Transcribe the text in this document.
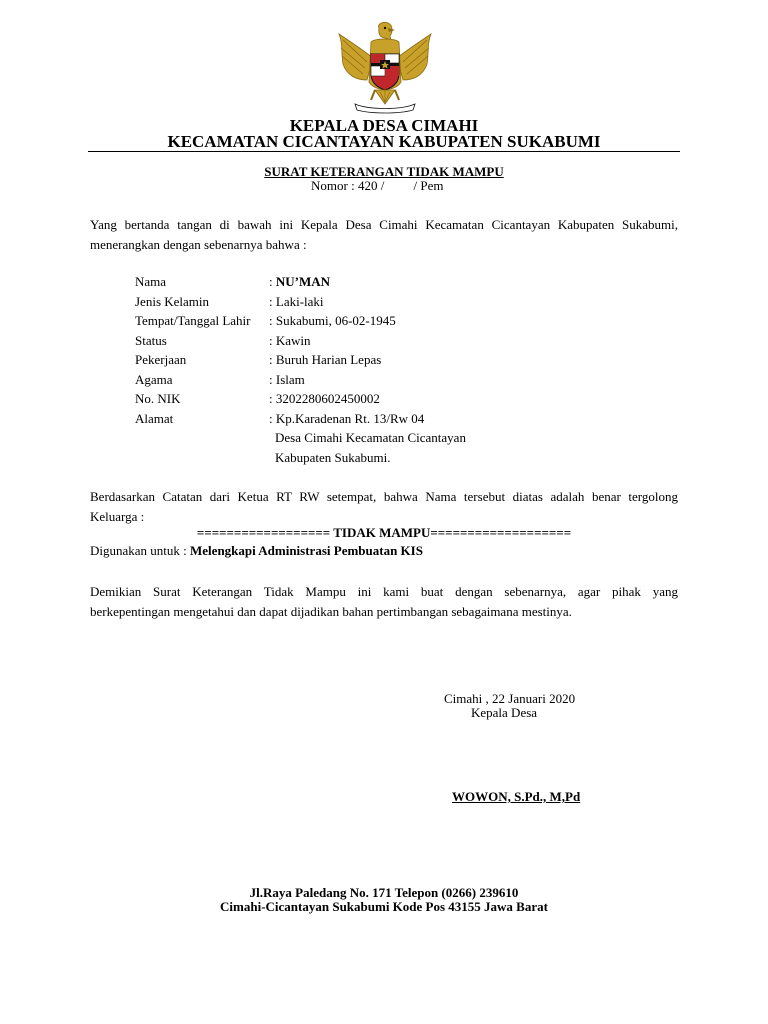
KEPALA DESA CIMAHI
KECAMATAN CICANTAYAN KABUPATEN SUKABUMI
SURAT KETERANGAN TIDAK MAMPU
Nomor : 420 /         / Pem
Yang bertanda tangan di bawah ini Kepala Desa Cimahi Kecamatan Cicantayan Kabupaten Sukabumi,
menerangkan dengan sebenarnya bahwa :
Nama	: NU’MAN
Jenis Kelamin	: Laki-laki
Tempat/Tanggal Lahir	: Sukabumi, 06-02-1945
Status	: Kawin
Pekerjaan	: Buruh Harian Lepas
Agama	: Islam
No. NIK	: 3202280602450002
Alamat	: Kp.Karadenan Rt. 13/Rw 04
Desa Cimahi Kecamatan Cicantayan
Kabupaten Sukabumi.
Berdasarkan Catatan dari Ketua RT RW setempat, bahwa Nama tersebut diatas adalah benar tergolong
Keluarga :
================== TIDAK MAMPU===================
Digunakan untuk : Melengkapi Administrasi Pembuatan KIS
Demikian Surat Keterangan Tidak Mampu ini kami buat dengan sebenarnya, agar pihak yang
berkepentingan mengetahui dan dapat dijadikan bahan pertimbangan sebagaimana mestinya.
Cimahi , 22 Januari 2020
Kepala Desa
WOWON, S.Pd., M,Pd
Jl.Raya Paledang No. 171 Telepon (0266) 239610
Cimahi-Cicantayan Sukabumi Kode Pos 43155 Jawa Barat
